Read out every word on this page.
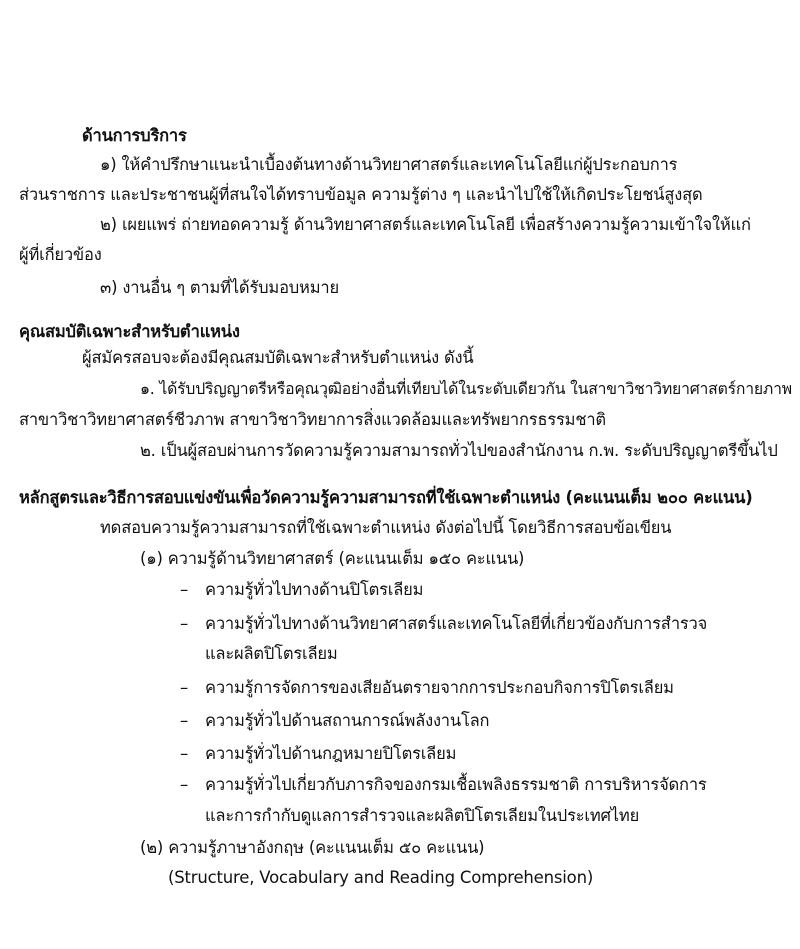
ด้านการบริการ
๑) ให้คำปรึกษาแนะนำเบื้องต้นทางด้านวิทยาศาสตร์และเทคโนโลยีแก่ผู้ประกอบการ
ส่วนราชการ และประชาชนผู้ที่สนใจได้ทราบข้อมูล ความรู้ต่าง ๆ และนำไปใช้ให้เกิดประโยชน์สูงสุด
๒) เผยแพร่ ถ่ายทอดความรู้ ด้านวิทยาศาสตร์และเทคโนโลยี เพื่อสร้างความรู้ความเข้าใจให้แก่
ผู้ที่เกี่ยวข้อง
๓) งานอื่น ๆ ตามที่ได้รับมอบหมาย
คุณสมบัติเฉพาะสำหรับตำแหน่ง
ผู้สมัครสอบจะต้องมีคุณสมบัติเฉพาะสำหรับตำแหน่ง ดังนี้
๑. ได้รับปริญญาตรีหรือคุณวุฒิอย่างอื่นที่เทียบได้ในระดับเดียวกัน ในสาขาวิชาวิทยาศาสตร์กายภาพ
สาขาวิชาวิทยาศาสตร์ชีวภาพ สาขาวิชาวิทยาการสิ่งแวดล้อมและทรัพยากรธรรมชาติ
๒. เป็นผู้สอบผ่านการวัดความรู้ความสามารถทั่วไปของสำนักงาน ก.พ. ระดับปริญญาตรีขึ้นไป
หลักสูตรและวิธีการสอบแข่งขันเพื่อวัดความรู้ความสามารถที่ใช้เฉพาะตำแหน่ง (คะแนนเต็ม ๒๐๐ คะแนน)
ทดสอบความรู้ความสามารถที่ใช้เฉพาะตำแหน่ง ดังต่อไปนี้ โดยวิธีการสอบข้อเขียน
(๑) ความรู้ด้านวิทยาศาสตร์ (คะแนนเต็ม ๑๕๐ คะแนน)
– ความรู้ทั่วไปทางด้านปิโตรเลียม
– ความรู้ทั่วไปทางด้านวิทยาศาสตร์และเทคโนโลยีที่เกี่ยวข้องกับการสำรวจ
และผลิตปิโตรเลียม
– ความรู้การจัดการของเสียอันตรายจากการประกอบกิจการปิโตรเลียม
– ความรู้ทั่วไปด้านสถานการณ์พลังงานโลก
– ความรู้ทั่วไปด้านกฎหมายปิโตรเลียม
– ความรู้ทั่วไปเกี่ยวกับภารกิจของกรมเชื้อเพลิงธรรมชาติ การบริหารจัดการ
และการกำกับดูแลการสำรวจและผลิตปิโตรเลียมในประเทศไทย
(๒) ความรู้ภาษาอังกฤษ (คะแนนเต็ม ๕๐ คะแนน)
(Structure, Vocabulary and Reading Comprehension)
